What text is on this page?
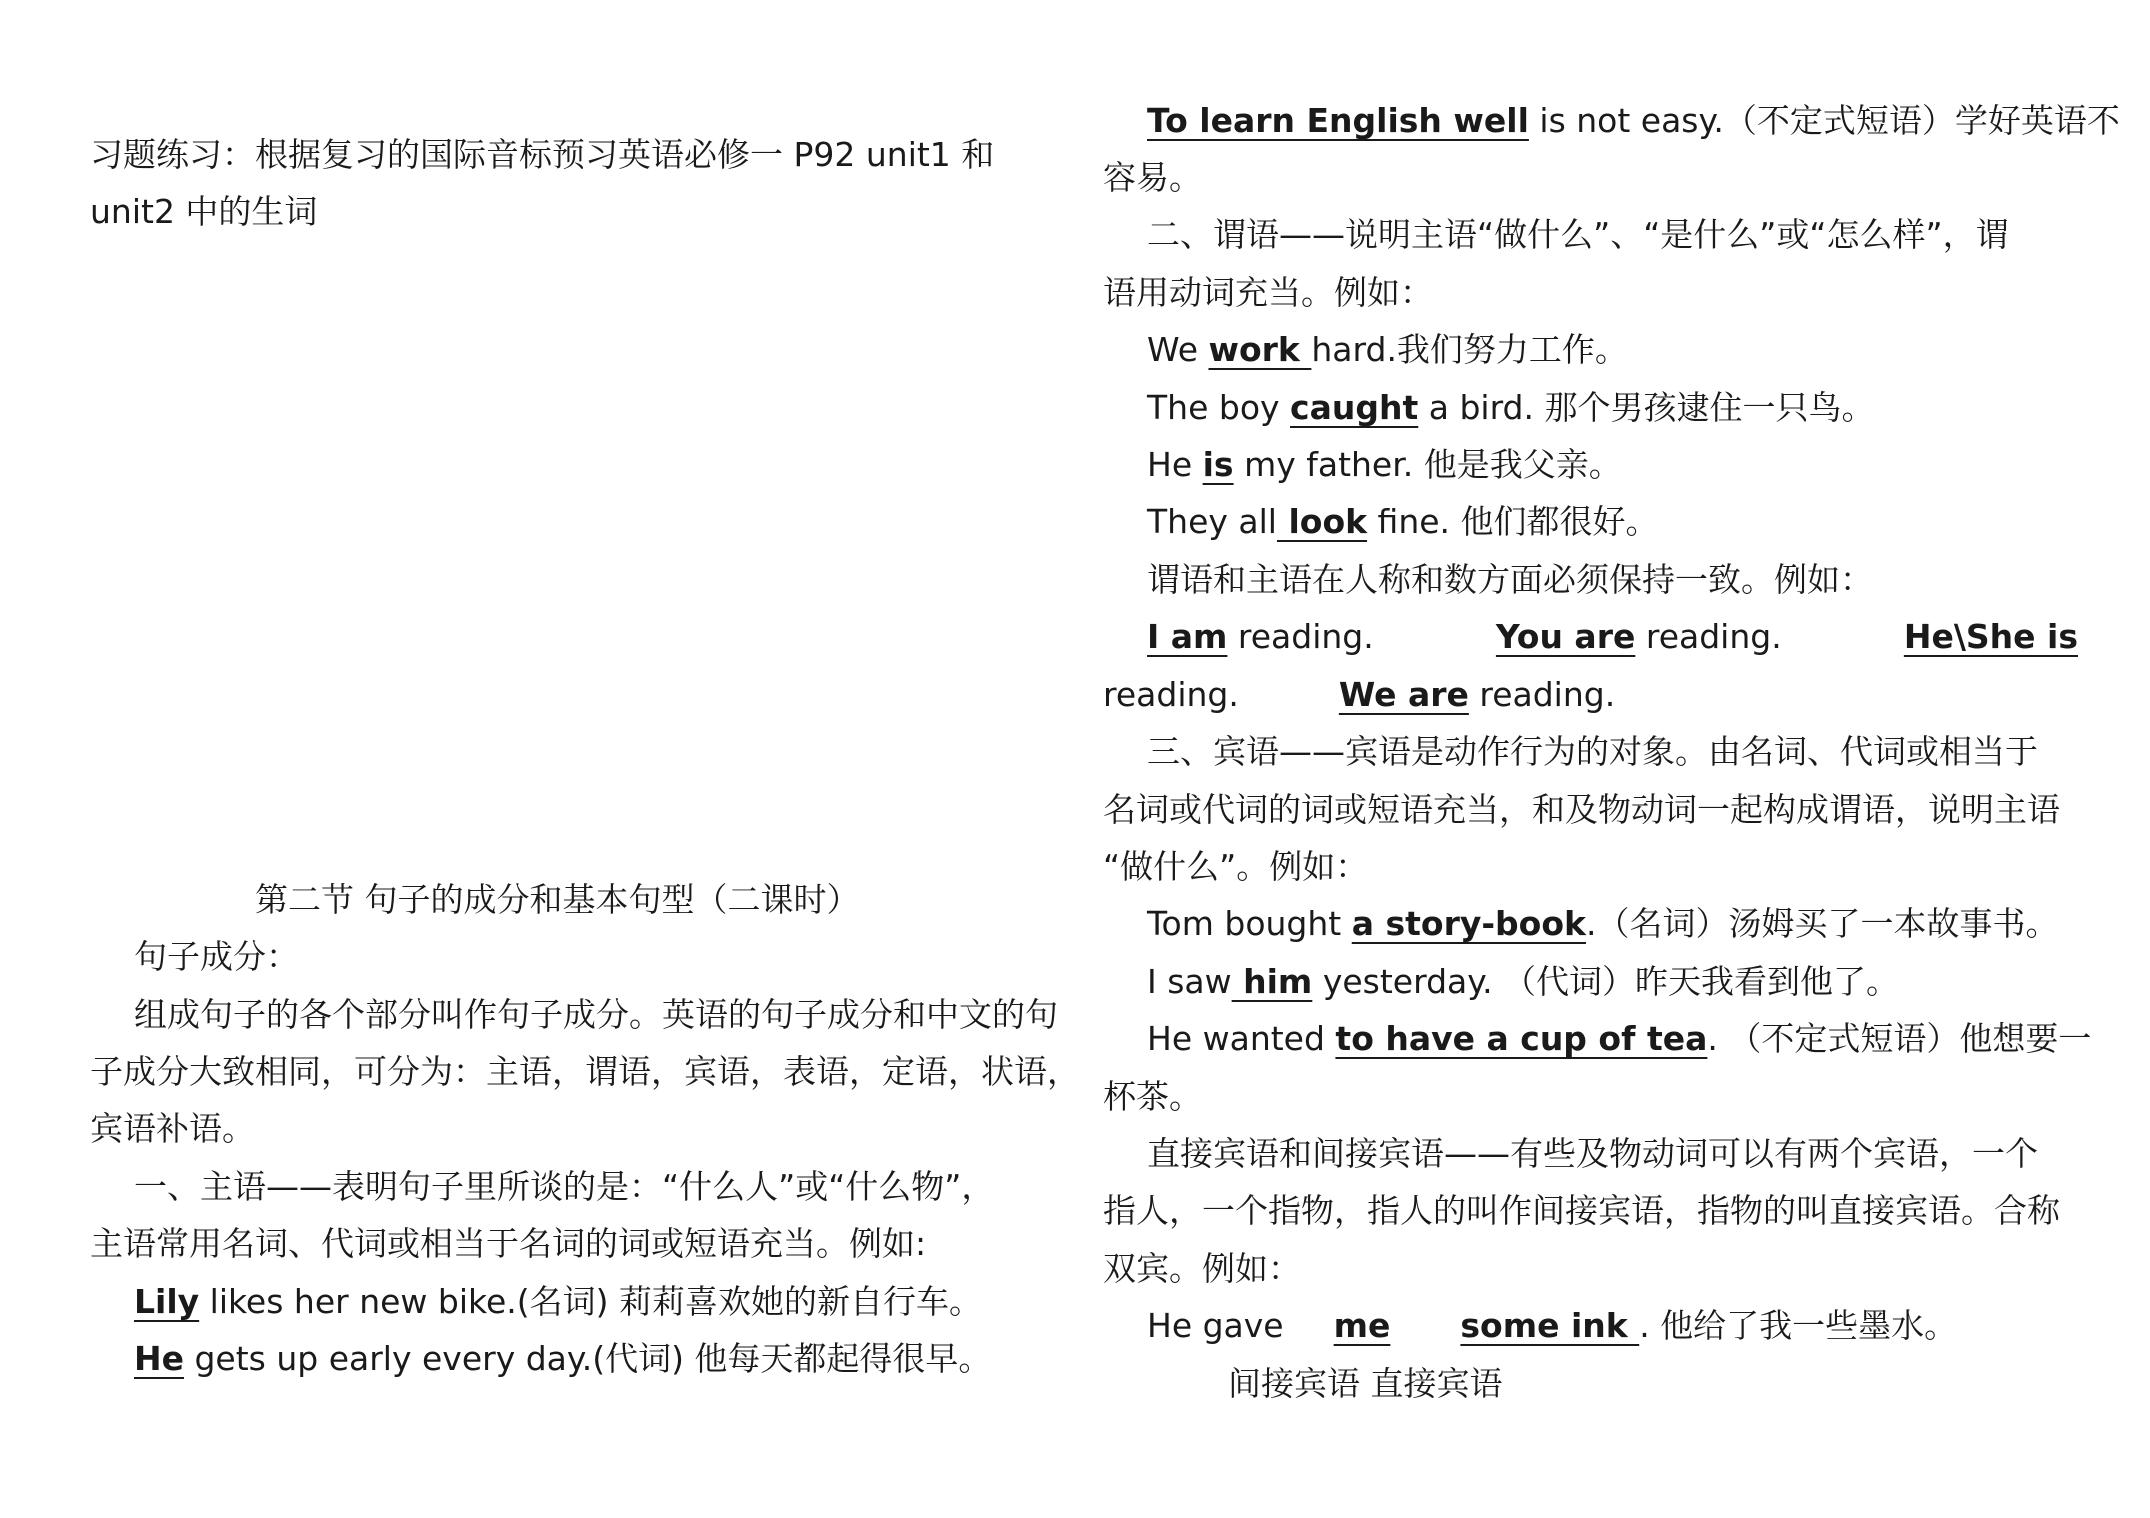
习题练习：根据复习的国际音标预习英语必修一 P92 unit1 和
unit2 中的生词
第二节 句子的成分和基本句型（二课时）
句子成分：
组成句子的各个部分叫作句子成分。英语的句子成分和中文的句
子成分大致相同，可分为：主语，谓语，宾语，表语，定语，状语，
宾语补语。
一、主语——表明句子里所谈的是：“什么人”或“什么物”，
主语常用名词、代词或相当于名词的词或短语充当。例如:
Lily likes her new bike.(名词) 莉莉喜欢她的新自行车。
He gets up early every day.(代词) 他每天都起得很早。
To learn English well is not easy.（不定式短语）学好英语不
容易。
二、谓语——说明主语“做什么”、“是什么”或“怎么样”，谓
语用动词充当。例如：
We work hard.我们努力工作。
The boy caught a bird. 那个男孩逮住一只鸟。
He is my father. 他是我父亲。
They all look fine. 他们都很好。
谓语和主语在人称和数方面必须保持一致。例如：
I am reading.	You are reading.	He\She is
reading.	We are reading.
三、宾语——宾语是动作行为的对象。由名词、代词或相当于
名词或代词的词或短语充当，和及物动词一起构成谓语，说明主语
“做什么”。例如：
Tom bought a story-book.（名词）汤姆买了一本故事书。
I saw him yesterday. （代词）昨天我看到他了。
He wanted to have a cup of tea. （不定式短语）他想要一
杯茶。
直接宾语和间接宾语——有些及物动词可以有两个宾语，一个
指人，一个指物，指人的叫作间接宾语，指物的叫直接宾语。合称
双宾。例如：
He gave me some ink . 他给了我一些墨水。
间接宾语 直接宾语
